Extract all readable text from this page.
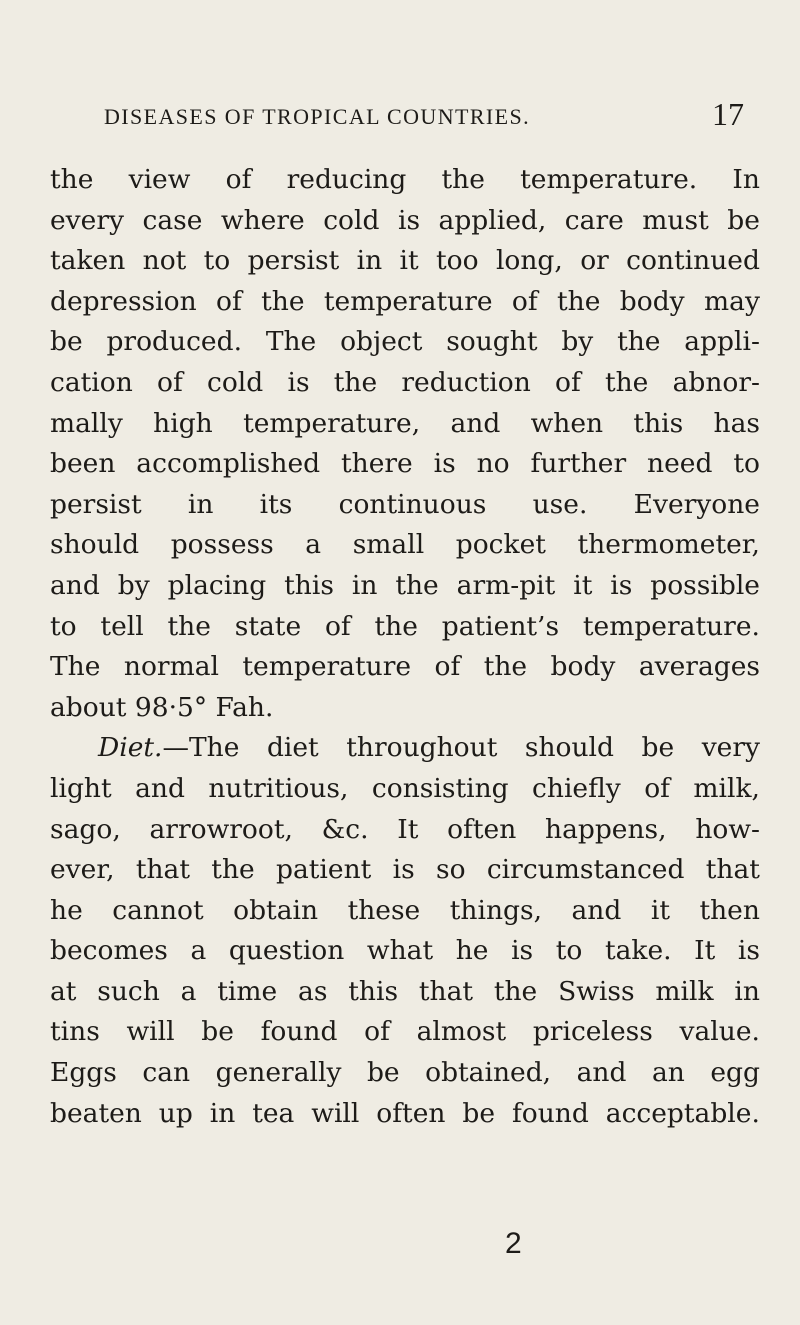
DISEASES OF TROPICAL COUNTRIES.	17
the view of reducing the temperature. In
every case where cold is applied, care must be
taken not to persist in it too long, or continued
depression of the temperature of the body may
be produced. The object sought by the appli-
cation of cold is the reduction of the abnor-
mally high temperature, and when this has
been accomplished there is no further need to
persist in its continuous use. Everyone
should possess a small pocket thermometer,
and by placing this in the arm-pit it is possible
to tell the state of the patient’s temperature.
The normal temperature of the body averages
about 98·5° Fah.
Diet.—The diet throughout should be very
light and nutritious, consisting chiefly of milk,
sago, arrowroot, &c. It often happens, how-
ever, that the patient is so circumstanced that
he cannot obtain these things, and it then
becomes a question what he is to take. It is
at such a time as this that the Swiss milk in
tins will be found of almost priceless value.
Eggs can generally be obtained, and an egg
beaten up in tea will often be found acceptable.
2
